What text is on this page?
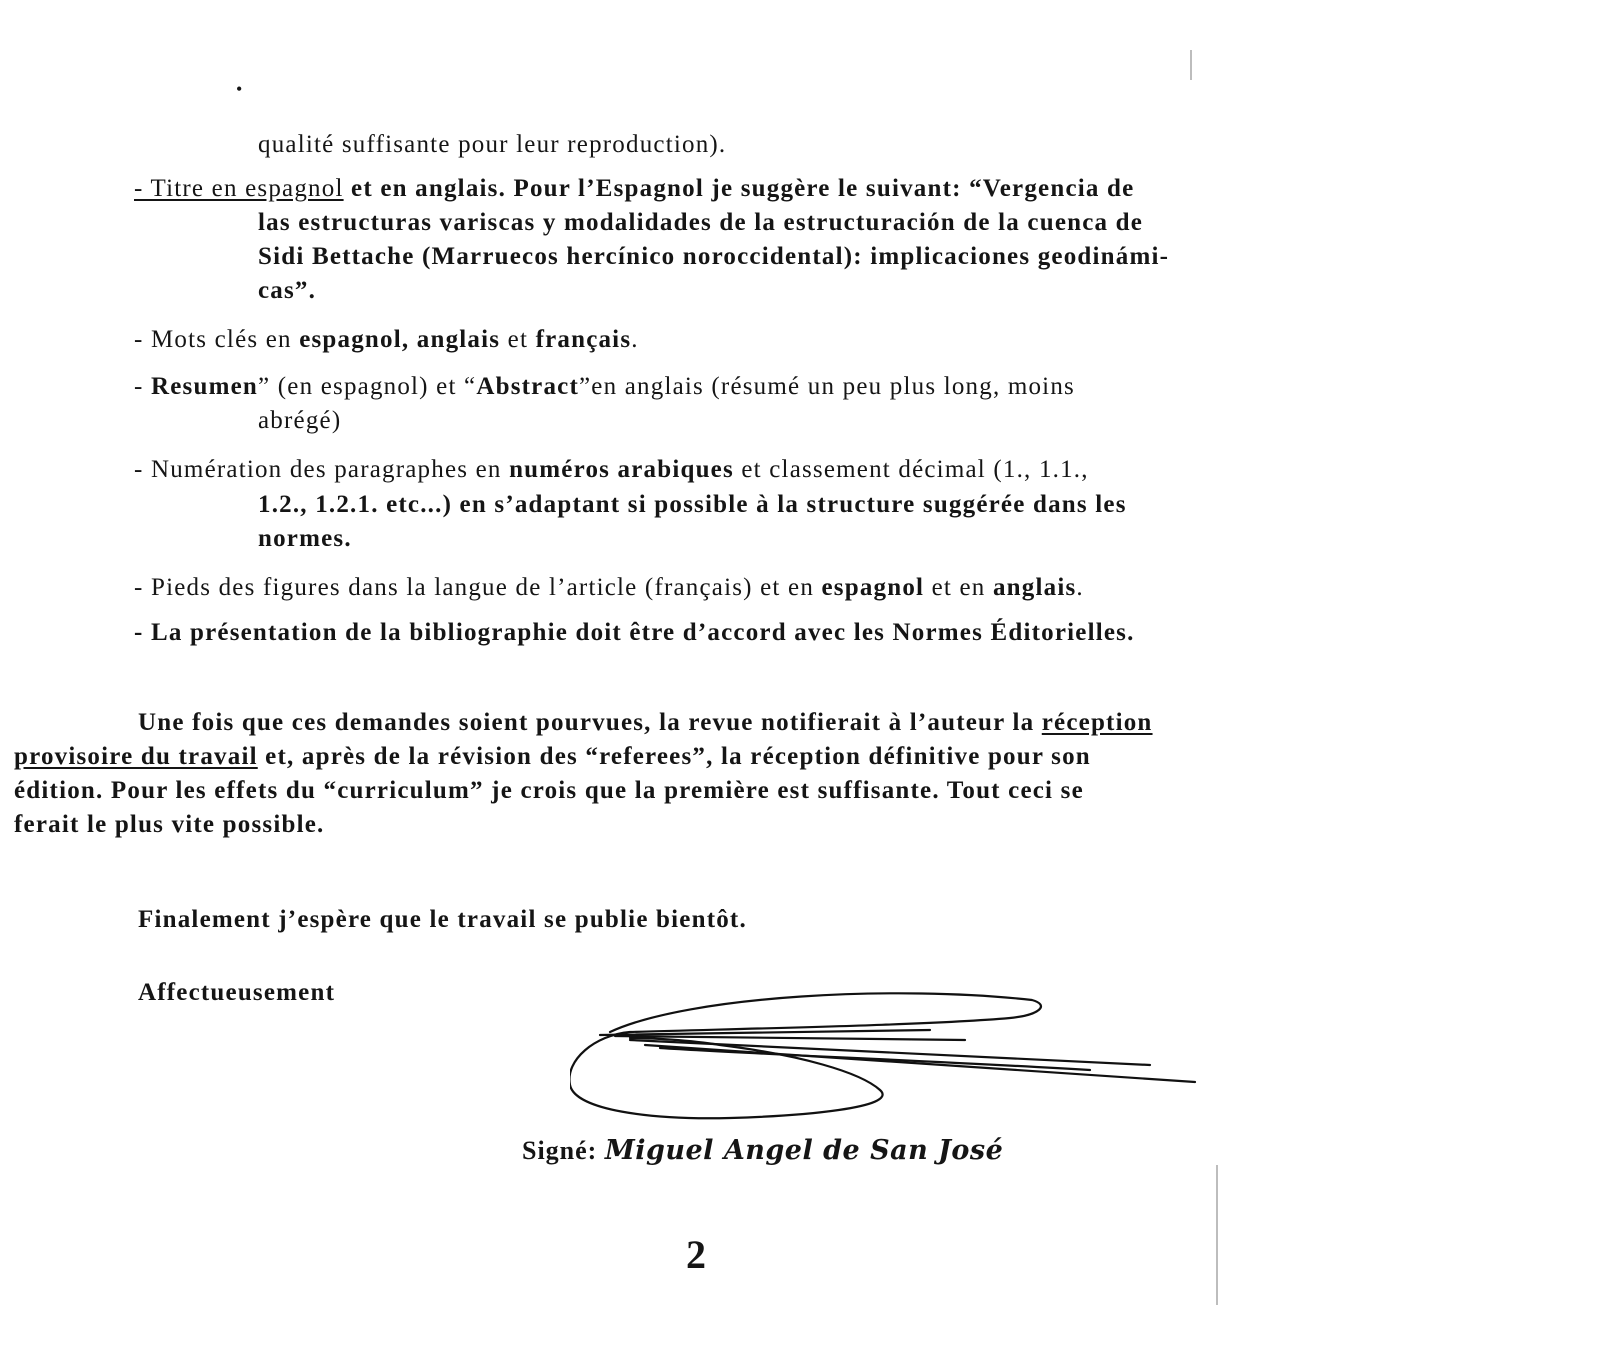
•
qualité suffisante pour leur reproduction).
- Titre en espagnol et en anglais. Pour l’Espagnol je suggère le suivant: “Vergencia de
las estructuras variscas y modalidades de la estructuración de la cuenca de
Sidi Bettache (Marruecos hercínico noroccidental): implicaciones geodinámi-
cas”.
- Mots clés en espagnol, anglais et français.
- Resumen” (en espagnol) et “Abstract”en anglais (résumé un peu plus long, moins
abrégé)
- Numération des paragraphes en numéros arabiques et classement décimal (1., 1.1.,
1.2., 1.2.1. etc...) en s’adaptant si possible à la structure suggérée dans les
normes.
- Pieds des figures dans la langue de l’article (français) et en espagnol et en anglais.
- La présentation de la bibliographie doit être d’accord avec les Normes Éditorielles.
Une fois que ces demandes soient pourvues, la revue notifierait à l’auteur la réception
provisoire du travail et, après de la révision des “referees”, la réception définitive pour son
édition. Pour les effets du “curriculum” je crois que la première est suffisante. Tout ceci se
ferait le plus vite possible.
Finalement j’espère que le travail se publie bientôt.
Affectueusement
Signé: Miguel Angel de San José
2
